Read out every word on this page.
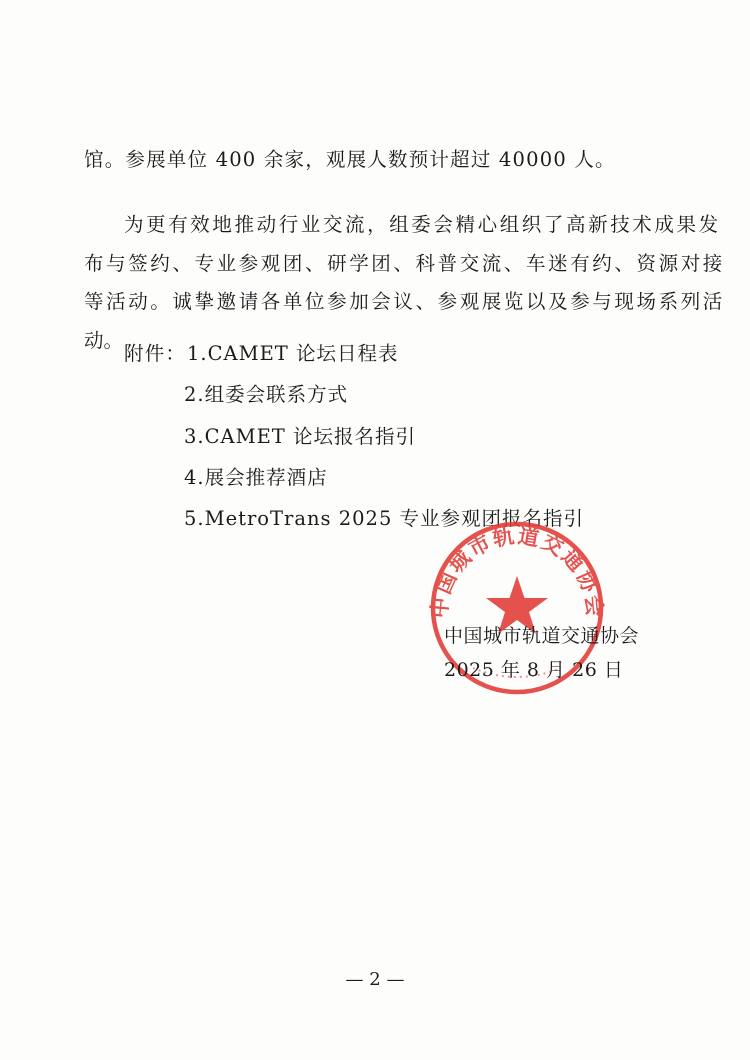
馆。参展单位 400 余家，观展人数预计超过 40000 人。
为更有效地推动行业交流，组委会精心组织了高新技术成果发
布与签约、专业参观团、研学团、科普交流、车迷有约、资源对接
等活动。诚挚邀请各单位参加会议、参观展览以及参与现场系列活
动。
附件： 1.CAMET 论坛日程表
2.组委会联系方式
3.CAMET 论坛报名指引
4.展会推荐酒店
5.MetroTrans 2025 专业参观团报名指引
中国城市轨道交通协会
中国城市轨道交通协会
2025 年 8 月 26 日
— 2 —
